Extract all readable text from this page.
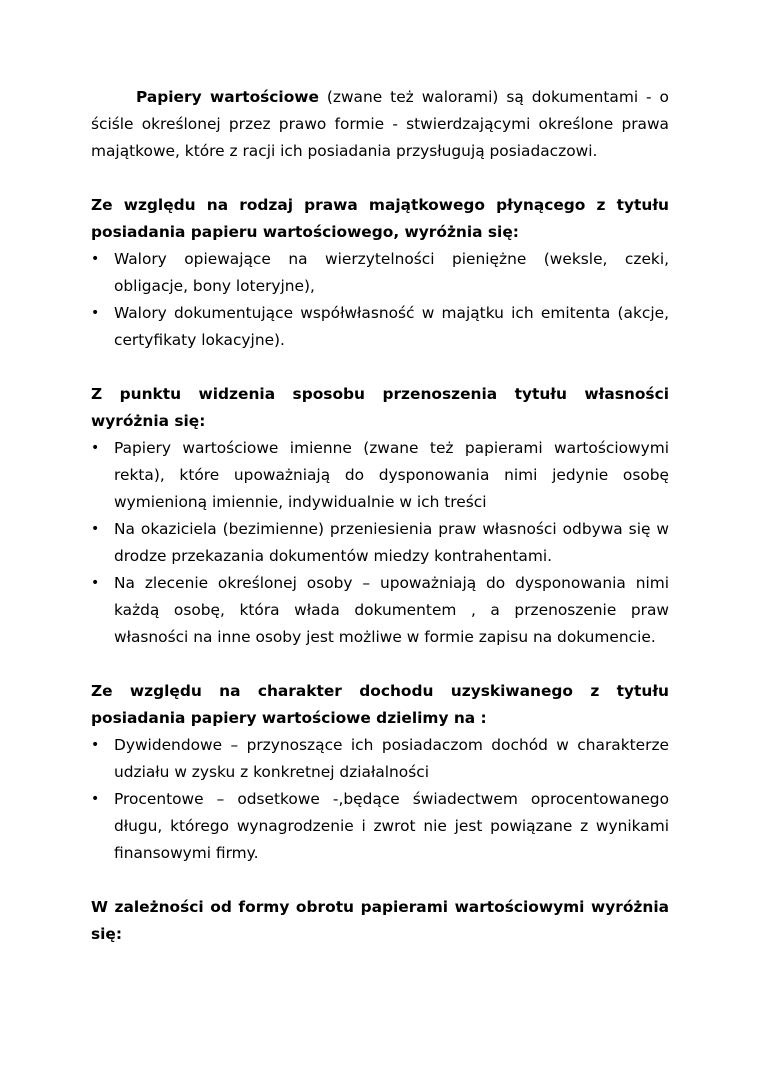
Papiery wartościowe (zwane też walorami) są dokumentami - o ściśle określonej przez prawo formie - stwierdzającymi określone prawa majątkowe, które z racji ich posiadania przysługują posiadaczowi.

Ze względu na rodzaj prawa majątkowego płynącego z tytułu posiadania papieru wartościowego, wyróżnia się:

• Walory opiewające na wierzytelności pieniężne (weksle, czeki, obligacje, bony loteryjne),
• Walory dokumentujące współwłasność w majątku ich emitenta (akcje, certyfikaty lokacyjne).

Z punktu widzenia sposobu przenoszenia tytułu własności wyróżnia się:

• Papiery wartościowe imienne (zwane też papierami wartościowymi rekta), które upoważniają do dysponowania nimi jedynie osobę wymienioną imiennie, indywidualnie w ich treści
• Na okaziciela (bezimienne) przeniesienia praw własności odbywa się w drodze przekazania dokumentów miedzy kontrahentami.
• Na zlecenie określonej osoby – upoważniają do dysponowania nimi każdą osobę, która włada dokumentem , a przenoszenie praw własności na inne osoby jest możliwe w formie zapisu na dokumencie.

Ze względu na charakter dochodu uzyskiwanego z tytułu posiadania papiery wartościowe dzielimy na :

• Dywidendowe – przynoszące ich posiadaczom dochód w charakterze udziału w zysku z konkretnej działalności
• Procentowe – odsetkowe -,będące świadectwem oprocentowanego długu, którego wynagrodzenie i zwrot nie jest powiązane z wynikami finansowymi firmy.

W zależności od formy obrotu papierami wartościowymi wyróżnia się:
